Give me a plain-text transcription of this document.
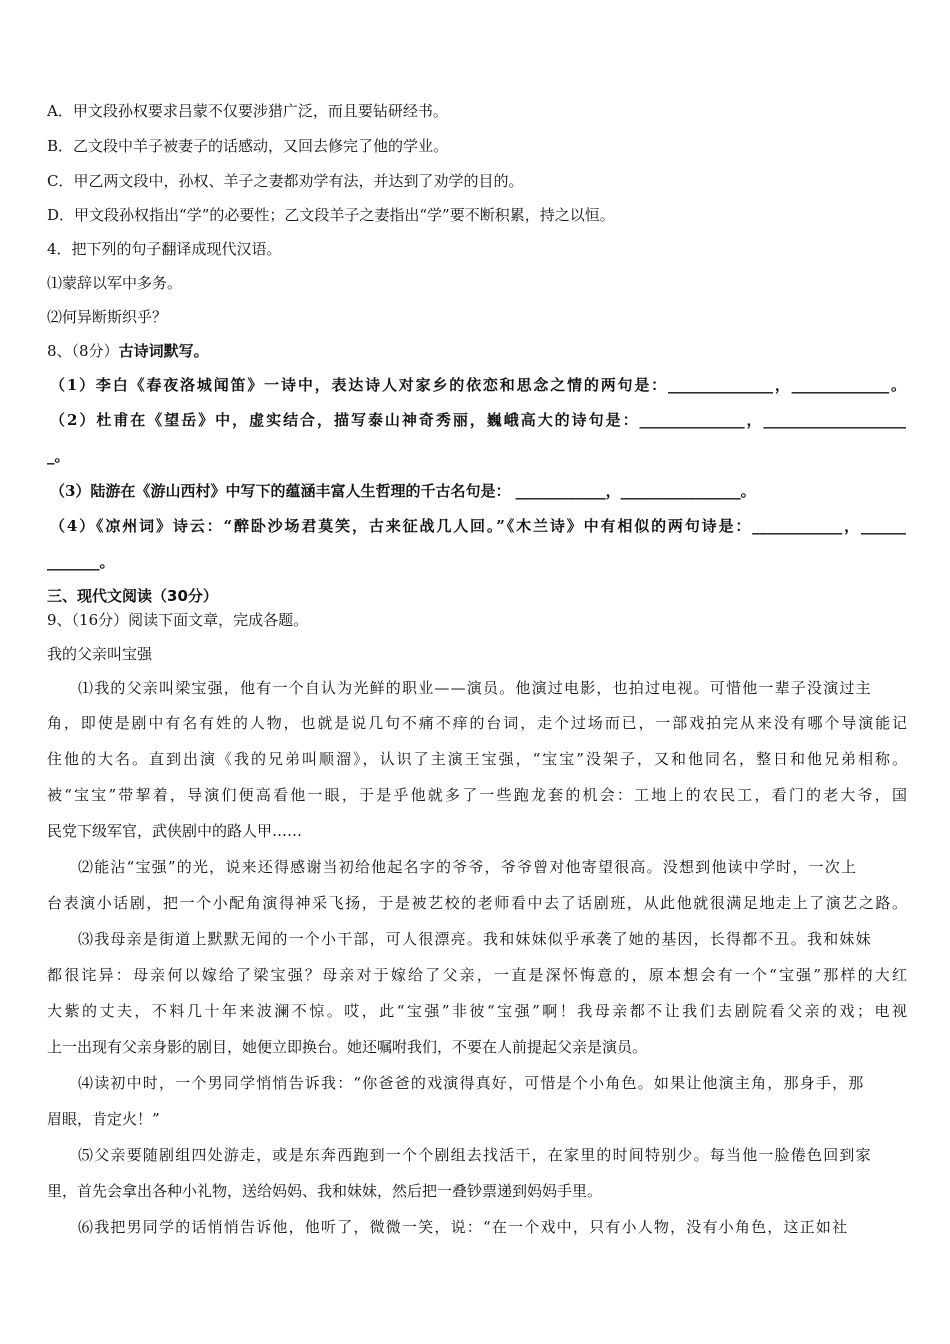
A．甲文段孙权要求吕蒙不仅要涉猎广泛，而且要钻研经书。
B．乙文段中羊子被妻子的话感动，又回去修完了他的学业。
C．甲乙两文段中，孙权、羊子之妻都劝学有法，并达到了劝学的目的。
D．甲文段孙权指出“学”的必要性；乙文段羊子之妻指出“学”要不断积累，持之以恒。
4．把下列的句子翻译成现代汉语。
⑴蒙辞以军中多务。
⑵何异断斯织乎？
8、（8分）古诗词默写。
（1）李白《春夜洛城闻笛》一诗中，表达诗人对家乡的依恋和思念之情的两句是：______________，_____________。
（2）杜甫在《望岳》中，虚实结合，描写泰山神奇秀丽，巍峨高大的诗句是：______________，___________________
_。
（3）陆游在《游山西村》中写下的蕴涵丰富人生哲理的千古名句是： ____________，________________。
（4）《凉州词》诗云：“醉卧沙场君莫笑，古来征战几人回。”《木兰诗》中有相似的两句诗是：____________，______
_______。
三、现代文阅读（30分）
9、（16分）阅读下面文章，完成各题。
我的父亲叫宝强
⑴我的父亲叫梁宝强，他有一个自认为光鲜的职业——演员。他演过电影，也拍过电视。可惜他一辈子没演过主
角，即使是剧中有名有姓的人物，也就是说几句不痛不痒的台词，走个过场而已，一部戏拍完从来没有哪个导演能记
住他的大名。直到出演《我的兄弟叫顺溜》，认识了主演王宝强，“宝宝”没架子，又和他同名，整日和他兄弟相称。
被“宝宝”带挈着，导演们便高看他一眼，于是乎他就多了一些跑龙套的机会：工地上的农民工，看门的老大爷，国
民党下级军官，武侠剧中的路人甲……
⑵能沾“宝强”的光，说来还得感谢当初给他起名字的爷爷，爷爷曾对他寄望很高。没想到他读中学时，一次上
台表演小话剧，把一个小配角演得神采飞扬，于是被艺校的老师看中去了话剧班，从此他就很满足地走上了演艺之路。
⑶我母亲是街道上默默无闻的一个小干部，可人很漂亮。我和妹妹似乎承袭了她的基因，长得都不丑。我和妹妹
都很诧异：母亲何以嫁给了梁宝强？母亲对于嫁给了父亲，一直是深怀悔意的，原本想会有一个“宝强”那样的大红
大紫的丈夫，不料几十年来波澜不惊。哎，此“宝强”非彼“宝强”啊！我母亲都不让我们去剧院看父亲的戏；电视
上一出现有父亲身影的剧目，她便立即换台。她还嘱咐我们，不要在人前提起父亲是演员。
⑷读初中时，一个男同学悄悄告诉我：“你爸爸的戏演得真好，可惜是个小角色。如果让他演主角，那身手，那
眉眼，肯定火！”
⑸父亲要随剧组四处游走，或是东奔西跑到一个个剧组去找活干，在家里的时间特别少。每当他一脸倦色回到家
里，首先会拿出各种小礼物，送给妈妈、我和妹妹，然后把一叠钞票递到妈妈手里。
⑹我把男同学的话悄悄告诉他，他听了，微微一笑，说：“在一个戏中，只有小人物，没有小角色，这正如社
